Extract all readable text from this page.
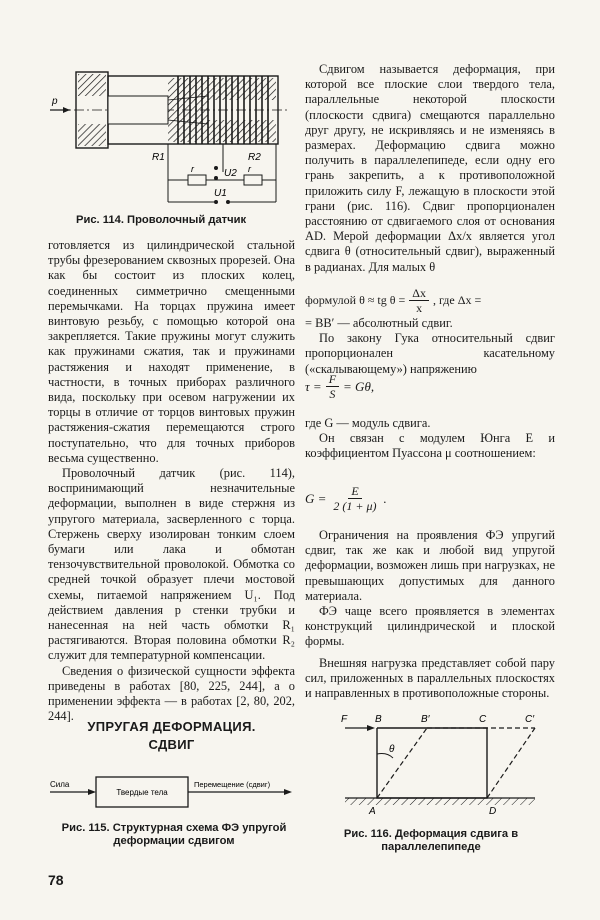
p
R1	R2
U2
r	r
U1
Рис. 114. Проволочный датчик

готовляется из цилиндрической стальной трубы фрезерованием сквозных прорезей. Она как бы состоит из плоских колец, соединенных симметрично смещенными перемычками. На торцах пружина имеет винтовую резьбу, с помощью которой она закрепляется. Такие пружины могут служить как пружинами сжатия, так и пружинами растяжения и находят применение, в частности, в точных приборах различного вида, поскольку при осевом нагружении их торцы в отличие от торцов винтовых пружин растяжения-сжатия перемещаются строго поступательно, что для точных приборов весьма существенно.

Проволочный датчик (рис. 114), воспринимающий незначительные деформации, выполнен в виде стержня из упругого материала, засверленного с торца. Стержень сверху изолирован тонким слоем бумаги или лака и обмотан тензочувствительной проволокой. Обмотка со средней точкой образует плечи мостовой схемы, питаемой напряжением U₁. Под действием давления p стенки трубки и нанесенная на ней часть обмотки R₁ растягиваются. Вторая половина обмотки R₂ служит для температурной компенсации.

Сведения о физической сущности эффекта приведены в работах [80, 225, 244], а о применении эффекта — в работах [2, 80, 202, 244].

УПРУГАЯ ДЕФОРМАЦИЯ.
СДВИГ
Сила
Твердые тела
Перемещение (сдвиг)
Рис. 115. Структурная схема ФЭ упругой деформации сдвигом
78

Сдвигом называется деформация, при которой все плоские слои твердого тела, параллельные некоторой плоскости (плоскости сдвига) смещаются параллельно друг другу, не искривляясь и не изменяясь в размерах. Деформацию сдвига можно получить в параллелепипеде, если одну его грань закрепить, а к противоположной приложить силу F, лежащую в плоскости этой грани (рис. 116). Сдвиг пропорционален расстоянию от сдвигаемого слоя от основания AD. Мерой деформации Δx/x является угол сдвига θ (относительный сдвиг), выраженный в радианах. Для малых θ

формулой θ ≈ tg $\theta = \frac{\Delta x}{x}$ , где Δx =

= BB′ — абсолютный сдвиг.

По закону Гука относительный сдвиг пропорционален касательному («скалывающему») напряжению

$\tau = \frac{F}{S} = G\theta$,

где G — модуль сдвига.

Он связан с модулем Юнга E и коэффициентом Пуассона μ соотношением:

$G = \frac{E}{2 (1 + \mu)}$ .

Ограничения на проявления ФЭ упругий сдвиг, так же как и любой вид упругой деформации, возможен лишь при нагрузках, не превышающих допустимых для данного материала.

ФЭ чаще всего проявляется в элементах конструкций цилиндрической и плоской формы.

Внешняя нагрузка представляет собой пару сил, приложенных в параллельных плоскостях и направленных в противоположные стороны.

F	B	B′	C	C′
θ
A	D
Рис. 116. Деформация сдвига в параллелепипеде
